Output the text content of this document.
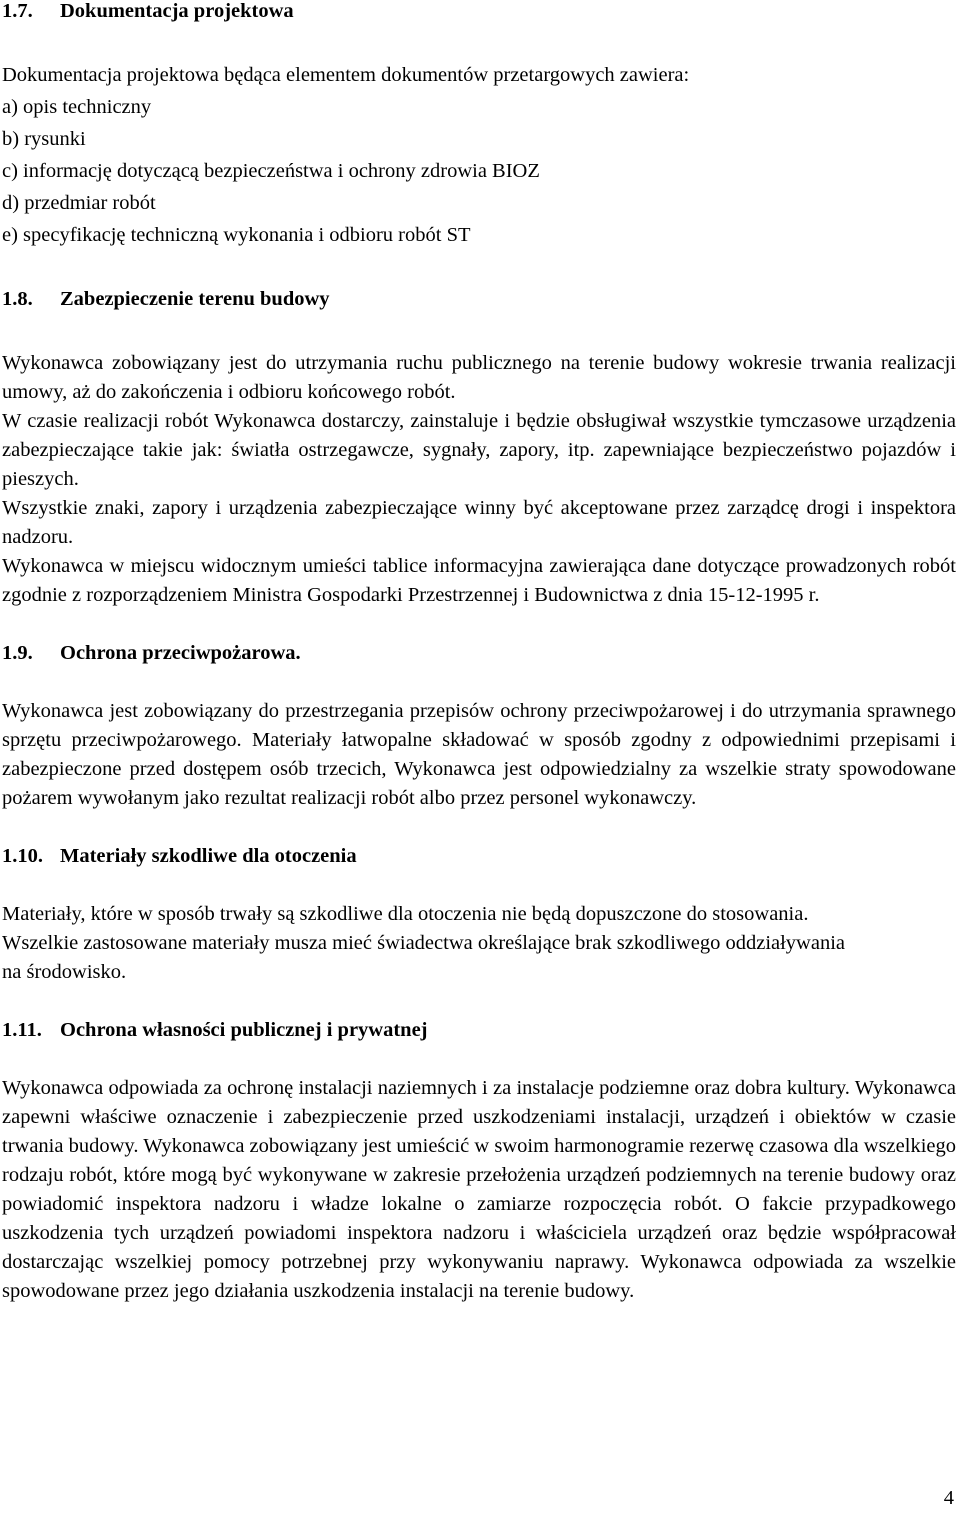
1.7. Dokumentacja projektowa

Dokumentacja projektowa będąca elementem dokumentów przetargowych zawiera:

a) opis techniczny

b) rysunki

c) informację dotyczącą bezpieczeństwa i ochrony zdrowia BIOZ

d) przedmiar robót

e) specyfikację techniczną wykonania i odbioru robót ST

1.8. Zabezpieczenie terenu budowy

Wykonawca zobowiązany jest do utrzymania ruchu publicznego na terenie budowy wokresie trwania realizacji umowy, aż do zakończenia i odbioru końcowego robót.

W czasie realizacji robót Wykonawca dostarczy, zainstaluje i będzie obsługiwał wszystkie tymczasowe urządzenia zabezpieczające takie jak: światła ostrzegawcze, sygnały, zapory, itp. zapewniające bezpieczeństwo pojazdów i pieszych.

Wszystkie znaki, zapory i urządzenia zabezpieczające winny być akceptowane przez zarządcę drogi i inspektora nadzoru.

Wykonawca w miejscu widocznym umieści tablice informacyjna zawierająca dane dotyczące prowadzonych robót zgodnie z rozporządzeniem Ministra Gospodarki Przestrzennej i Budownictwa z dnia 15-12-1995 r.

1.9. Ochrona przeciwpożarowa.

Wykonawca jest zobowiązany do przestrzegania przepisów ochrony przeciwpożarowej i do utrzymania sprawnego sprzętu przeciwpożarowego. Materiały łatwopalne składować w sposób zgodny z odpowiednimi przepisami i zabezpieczone przed dostępem osób trzecich, Wykonawca jest odpowiedzialny za wszelkie straty spowodowane pożarem wywołanym jako rezultat realizacji robót albo przez personel wykonawczy.

1.10. Materiały szkodliwe dla otoczenia

Materiały, które w sposób trwały są szkodliwe dla otoczenia nie będą dopuszczone do stosowania. Wszelkie zastosowane materiały musza mieć świadectwa określające brak szkodliwego oddziaływania na środowisko.

1.11. Ochrona własności publicznej i prywatnej

Wykonawca odpowiada za ochronę instalacji naziemnych i za instalacje podziemne oraz dobra kultury. Wykonawca zapewni właściwe oznaczenie i zabezpieczenie przed uszkodzeniami instalacji, urządzeń i obiektów w czasie trwania budowy. Wykonawca zobowiązany jest umieścić w swoim harmonogramie rezerwę czasowa dla wszelkiego rodzaju robót, które mogą być wykonywane w zakresie przełożenia urządzeń podziemnych na terenie budowy oraz powiadomić inspektora nadzoru i władze lokalne o zamiarze rozpoczęcia robót. O fakcie przypadkowego uszkodzenia tych urządzeń powiadomi inspektora nadzoru i właściciela urządzeń oraz będzie współpracował dostarczając wszelkiej pomocy potrzebnej przy wykonywaniu naprawy. Wykonawca odpowiada za wszelkie spowodowane przez jego działania uszkodzenia instalacji na terenie budowy.

4
